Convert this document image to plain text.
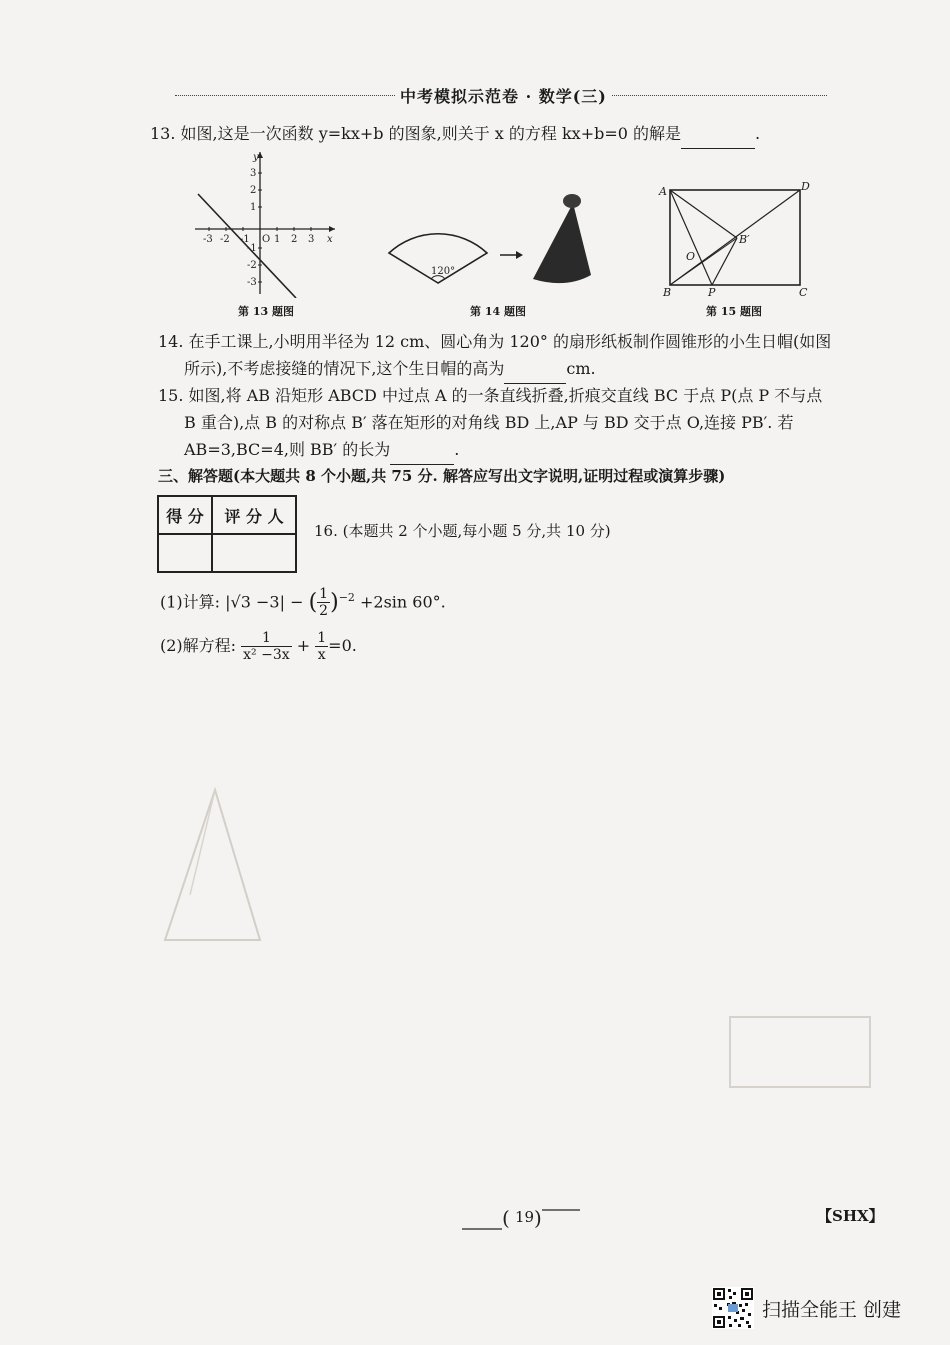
中考模拟示范卷 · 数学(三)
13. 如图,这是一次函数 y=kx+b 的图象,则关于 x 的方程 kx+b=0 的解是	.
-3 -2 -1 1 2 3
3
2
1
-1
-2
-3
O	x
y
第 13 题图
120°
第 14 题图
A	D
B	C
P
O
B′
第 15 题图
14. 在手工课上,小明用半径为 12 cm、圆心角为 120° 的扇形纸板制作圆锥形的小生日帽(如图
所示),不考虑接缝的情况下,这个生日帽的高为	cm.
15. 如图,将 AB 沿矩形 ABCD 中过点 A 的一条直线折叠,折痕交直线 BC 于点 P(点 P 不与点
B 重合),点 B 的对称点 B′ 落在矩形的对角线 BD 上,AP 与 BD 交于点 O,连接 PB′. 若
AB=3,BC=4,则 BB′ 的长为	.
三、解答题(本大题共 8 个小题,共 75 分. 解答应写出文字说明,证明过程或演算步骤)
得 分	评 分 人

16. (本题共 2 个小题,每小题 5 分,共 10 分)
(1)计算: |√3 −3| − ( $\frac{1}{2} )^{-2} +2\sin$ 60°.
(2)解方程: $\frac{1}{\text{x² −3x}} + \frac{1}{x} =0$.
( )
19	【SHX】
扫描全能王 创建
